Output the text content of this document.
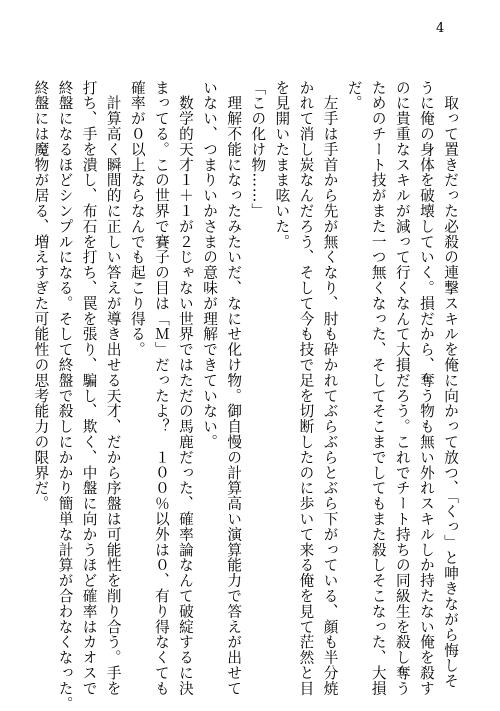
4
　取って置きだった必殺の連撃スキルを俺に向かって放つ、「くっ」と呻きながら悔しそ
うに俺の身体を破壊していく。損だから、奪う物も無い外れスキルしか持たない俺を殺す
のに貴重なスキルが減って行くなんて大損だろう。これでチート持ちの同級生を殺し奪う
ためのチート技がまた一つ無くなった、そしてそこまでしてもまた殺しそこなった、大損
だ。
　左手は手首から先が無くなり、肘も砕かれてぶらぶらとぶら下がっている、顔も半分焼
かれて消し炭なんだろう、そして今も技で足を切断したのに歩いて来る俺を見て茫然と目
を見開いたまま呟いた。
「この化け物……」
　理解不能になったみたいだ、なにせ化け物。御自慢の計算高い演算能力で答えが出せて
いない、つまりいかさまの意味が理解できていない。
　数学的天才１＋１が２じゃない世界ではただの馬鹿だった、確率論なんて破綻するに決
まってる。この世界で賽子の目は「Ｍ」だったよ？　１００％以外は０、有り得なくても
確率が０以上ならなんでも起こり得る。
　計算高く瞬間的に正しい答えが導き出せる天才、だから序盤は可能性を削り合う。手を
打ち、手を潰し、布石を打ち、罠を張り、騙し、欺く、中盤に向かうほど確率はカオスで
終盤になるほどシンプルになる。そして終盤で殺しにかかり簡単な計算が合わなくなった。
終盤には魔物が居る、増えすぎた可能性の思考能力の限界だ。
